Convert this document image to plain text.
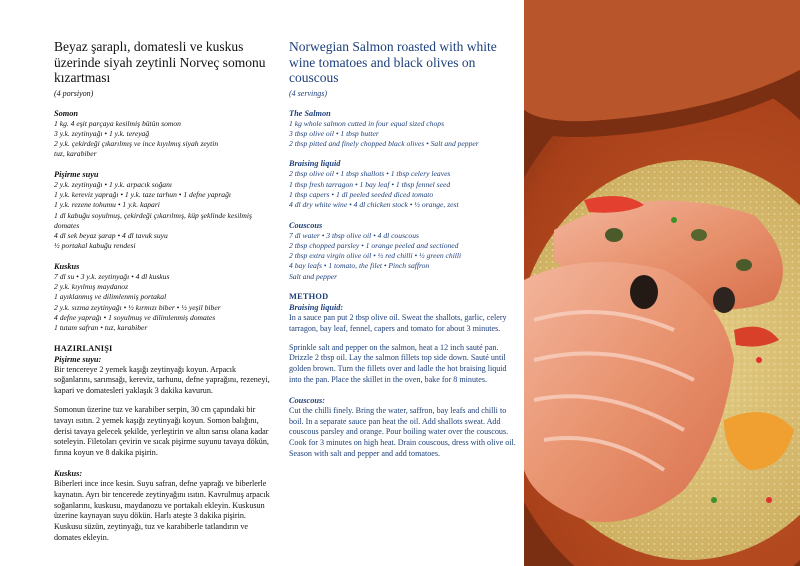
Beyaz şaraplı, domatesli ve kuskus üzerinde siyah zeytinli Norveç somonu kızartması
(4 porsiyon)
Somon
1 kg. 4 eşit parçaya kesilmiş bütün somon
3 y.k. zeytinyağı • 1 y.k. tereyağ
2 y.k. çekirdeği çıkarılmış ve ince kıyılmış siyah zeytin
tuz, karabiber
Pişirme suyu
2 y.k. zeytinyağı • 1 y.k. arpacık soğanı
1 y.k. kereviz yaprağı • 1 y.k. taze tarhun • 1 defne yaprağı
1 y.k. rezene tohumu • 1 y.k. kapari
1 dl kabuğu soyulmuş, çekirdeği çıkarılmış, küp şeklinde kesilmiş domates
4 dl sek beyaz şarap • 4 dl tavuk suyu
½ portakal kabuğu rendesi
Kuskus
7 dl su • 3 y.k. zeytinyağı • 4 dl kuskus
2 y.k. kıyılmış maydanoz
1 ayıklanmış ve dilimlenmiş portakal
2 y.k. sızma zeytinyağı • ½ kırmızı biber • ½ yeşil biber
4 defne yaprağı • 1 soyulmuş ve dilimlenmiş domates
1 tutam safran • tuz, karabiber
HAZIRLANIŞI
Pişirme suyu:
Bir tencereye 2 yemek kaşığı zeytinyağı koyun. Arpacık soğanlarını, sarımsağı, kereviz, tarhunu, defne yaprağını, rezeneyi, kapari ve domatesleri yaklaşık 3 dakika kavurun.
Somonun üzerine tuz ve karabiber serpin, 30 cm çapındaki bir tavayı ısıtın. 2 yemek kaşığı zeytinyağı koyun. Somon balığını, derisi tavaya gelecek şekilde, yerleştirin ve altın sarısı olana kadar soteleyin. Filetoları çevirin ve sıcak pişirme suyunu tavaya dökün, fırına koyun ve 8 dakika pişirin.
Kuskus:
Biberleri ince ince kesin. Suyu safran, defne yaprağı ve biberlerle kaynatın. Ayrı bir tencerede zeytinyağını ısıtın. Kavrulmuş arpacık soğanlarını, kuskusu, maydanozu ve portakalı ekleyin. Kuskusun üzerine kaynayan suyu dökün. Harlı ateşte 3 dakika pişirin. Kuskusu süzün, zeytinyağı, tuz ve karabiberle tatlandırın ve domates ekleyin.
Norwegian Salmon roasted with white wine tomatoes and black olives on couscous
(4 servings)
The Salmon
1 kg whole salmon cutted in four equal sized chops
3 tbsp olive oil • 1 tbsp butter
2 tbsp pitted and finely chopped black olives • Salt and pepper
Braising liquid
2 tbsp olive oil • 1 tbsp shallots • 1 tbsp celery leaves
1 tbsp fresh tarragon • 1 bay leaf • 1 tbsp fennel seed
1 tbsp capers • 1 dl peeled seeded diced tomato
4 dl dry white wine • 4 dl chicken stock • ½ orange, zest
Couscous
7 dl water • 3 tbsp olive oil • 4 dl couscous
2 tbsp chopped parsley • 1 orange peeled and sectioned
2 tbsp extra virgin olive oil • ½ red chilli • ½ green chilli
4 bay leafs • 1 tomato, the filet • Pinch saffron
Salt and pepper
METHOD
Braising liquid:
In a sauce pan put 2 tbsp olive oil. Sweat the shallots, garlic, celery tarragon, bay leaf, fennel, capers and tomato for about 3 minutes.
Sprinkle salt and pepper on the salmon, heat a 12 inch sauté pan. Drizzle 2 tbsp oil. Lay the salmon fillets top side down. Sauté until golden brown. Turn the fillets over and ladle the hot braising liquid into the pan. Place the skillet in the oven, bake for 8 minutes.
Couscous:
Cut the chilli finely. Bring the water, saffron, bay leafs and chilli to boil. In a separate sauce pan heat the oil. Add shallots sweat. Add couscous parsley and orange. Pour boiling water over the couscous. Cook for 3 minutes on high heat. Drain couscous, dress with olive oil. Season with salt and pepper and add tomatoes.
